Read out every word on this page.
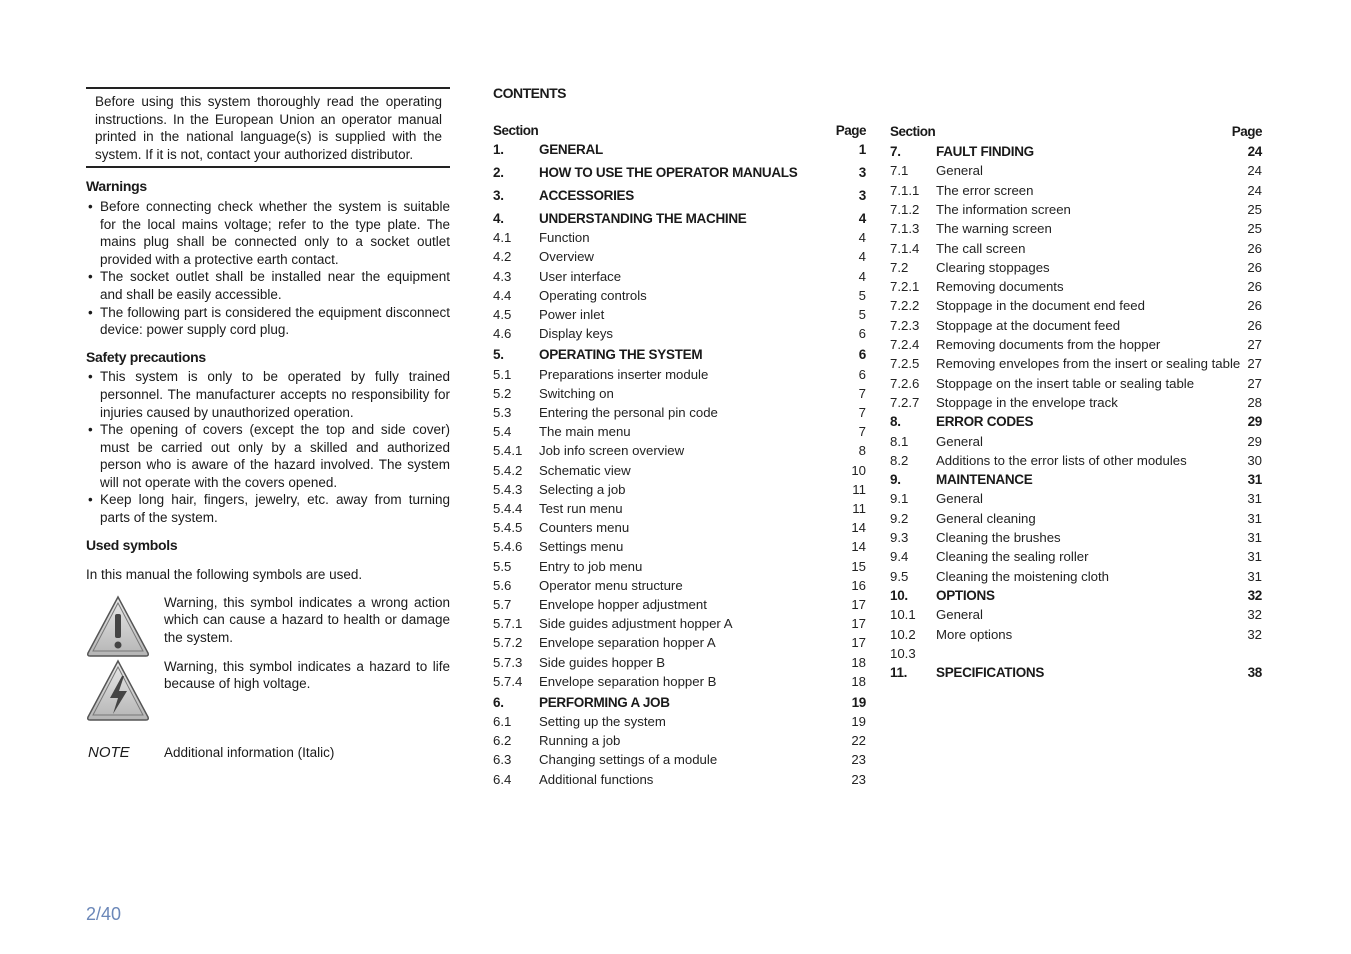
Before using this system thoroughly read the operating instructions. In the European Union an operator manual printed in the national language(s) is supplied with the system. If it is not, contact your authorized distributor.
Warnings
• Before connecting check whether the system is suitable for the local mains voltage; refer to the type plate. The mains plug shall be connected only to a socket outlet provided with a protective earth contact.
• The socket outlet shall be installed near the equipment and shall be easily accessible.
• The following part is considered the equipment disconnect device: power supply cord plug.
Safety precautions
• This system is only to be operated by fully trained personnel. The manufacturer accepts no responsibility for injuries caused by unauthorized operation.
• The opening of covers (except the top and side cover) must be carried out only by a skilled and authorized person who is aware of the hazard involved. The system will not operate with the covers opened.
• Keep long hair, fingers, jewelry, etc. away from turning parts of the system.
Used symbols
In this manual the following symbols are used.
Warning, this symbol indicates a wrong action which can cause a hazard to health or damage the system.
Warning, this symbol indicates a hazard to life because of high voltage.
NOTE	Additional information (Italic)
CONTENTS
Section	Page
1.	GENERAL	1
2.	HOW TO USE THE OPERATOR MANUALS	3
3.	ACCESSORIES	3
4.	UNDERSTANDING THE MACHINE	4
4.1 Function	4
4.2 Overview	4
4.3 User interface	4
4.4 Operating controls	5
4.5 Power inlet	5
4.6 Display keys	6
5.	OPERATING THE SYSTEM	6
5.1 Preparations inserter module	6
5.2 Switching on	7
5.3 Entering the personal pin code	7
5.4 The main menu	7
5.4.1 Job info screen overview	8
5.4.2 Schematic view	10
5.4.3 Selecting a job	11
5.4.4 Test run menu	11
5.4.5 Counters menu	14
5.4.6 Settings menu	14
5.5 Entry to job menu	15
5.6 Operator menu structure	16
5.7 Envelope hopper adjustment	17
5.7.1 Side guides adjustment hopper A	17
5.7.2 Envelope separation hopper A	17
5.7.3 Side guides hopper B	18
5.7.4 Envelope separation hopper B	18
6.	PERFORMING A JOB	19
6.1 Setting up the system	19
6.2 Running a job	22
6.3 Changing settings of a module	23
6.4 Additional functions	23
Section	Page
7.	FAULT FINDING	24
7.1 General	24
7.1.1 The error screen	24
7.1.2 The information screen	25
7.1.3 The warning screen	25
7.1.4 The call screen	26
7.2 Clearing stoppages	26
7.2.1 Removing documents	26
7.2.2 Stoppage in the document end feed	26
7.2.3 Stoppage at the document feed	26
7.2.4 Removing documents from the hopper	27
7.2.5 Removing envelopes from the insert or sealing table 27
7.2.6 Stoppage on the insert table or sealing table	27
7.2.7 Stoppage in the envelope track	28
8.	ERROR CODES	29
8.1 General	29
8.2 Additions to the error lists of other modules	30
9.	MAINTENANCE	31
9.1 General	31
9.2 General cleaning	31
9.3 Cleaning the brushes	31
9.4 Cleaning the sealing roller	31
9.5 Cleaning the moistening cloth	31
10. OPTIONS	32
10.1 General	32
10.2 More options	32
10.3
11. SPECIFICATIONS	38
2/40
